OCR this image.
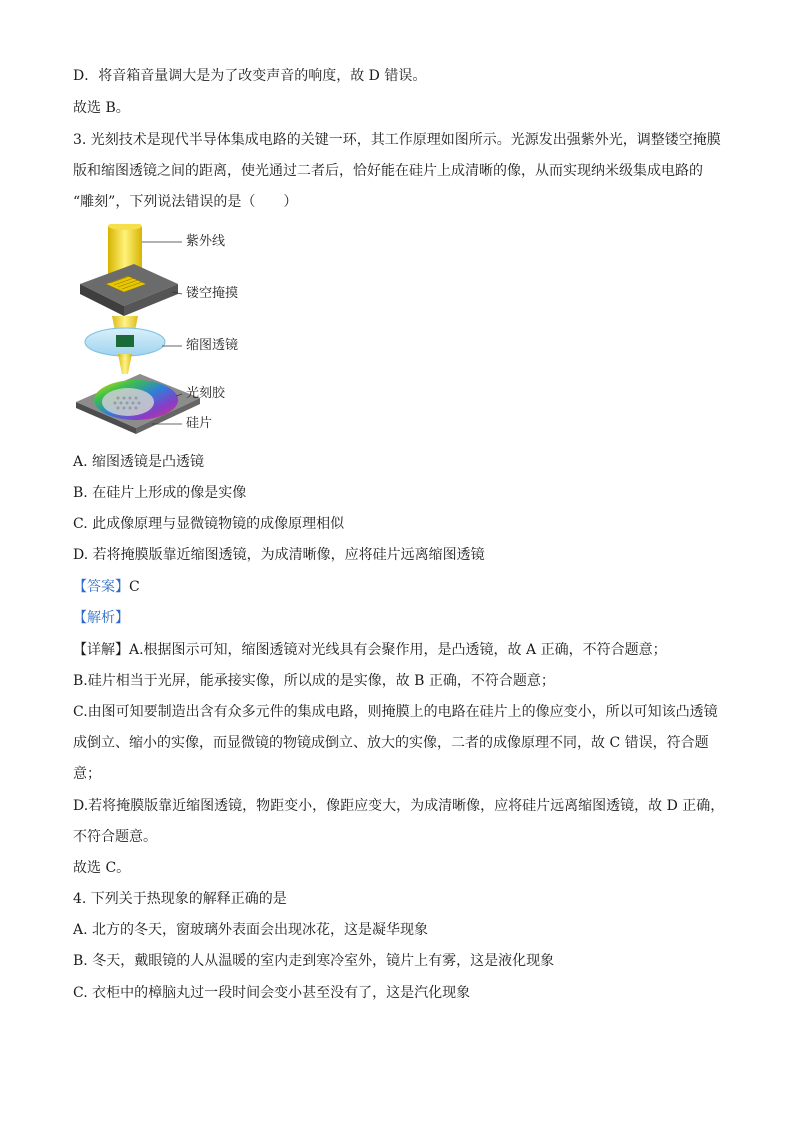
D．将音箱音量调大是为了改变声音的响度，故 D 错误。
故选 B。
3. 光刻技术是现代半导体集成电路的关键一环，其工作原理如图所示。光源发出强紫外光，调整镂空掩膜
版和缩图透镜之间的距离，使光通过二者后，恰好能在硅片上成清晰的像，从而实现纳米级集成电路的
“雕刻”，下列说法错误的是（　　）
紫外线
镂空掩摸
缩图透镜
光刻胶
硅片
A. 缩图透镜是凸透镜
B. 在硅片上形成的像是实像
C. 此成像原理与显微镜物镜的成像原理相似
D. 若将掩膜版靠近缩图透镜，为成清晰像，应将硅片远离缩图透镜
【答案】C
【解析】
【详解】A.根据图示可知，缩图透镜对光线具有会聚作用，是凸透镜，故 A 正确，不符合题意；
B.硅片相当于光屏，能承接实像，所以成的是实像，故 B 正确，不符合题意；
C.由图可知要制造出含有众多元件的集成电路，则掩膜上的电路在硅片上的像应变小，所以可知该凸透镜
成倒立、缩小的实像，而显微镜的物镜成倒立、放大的实像，二者的成像原理不同，故 C 错误，符合题
意；
D.若将掩膜版靠近缩图透镜，物距变小，像距应变大，为成清晰像，应将硅片远离缩图透镜，故 D 正确，
不符合题意。
故选 C。
4. 下列关于热现象的解释正确的是
A. 北方的冬天，窗玻璃外表面会出现冰花，这是凝华现象
B. 冬天，戴眼镜的人从温暖的室内走到寒冷室外，镜片上有雾，这是液化现象
C. 衣柜中的樟脑丸过一段时间会变小甚至没有了，这是汽化现象
